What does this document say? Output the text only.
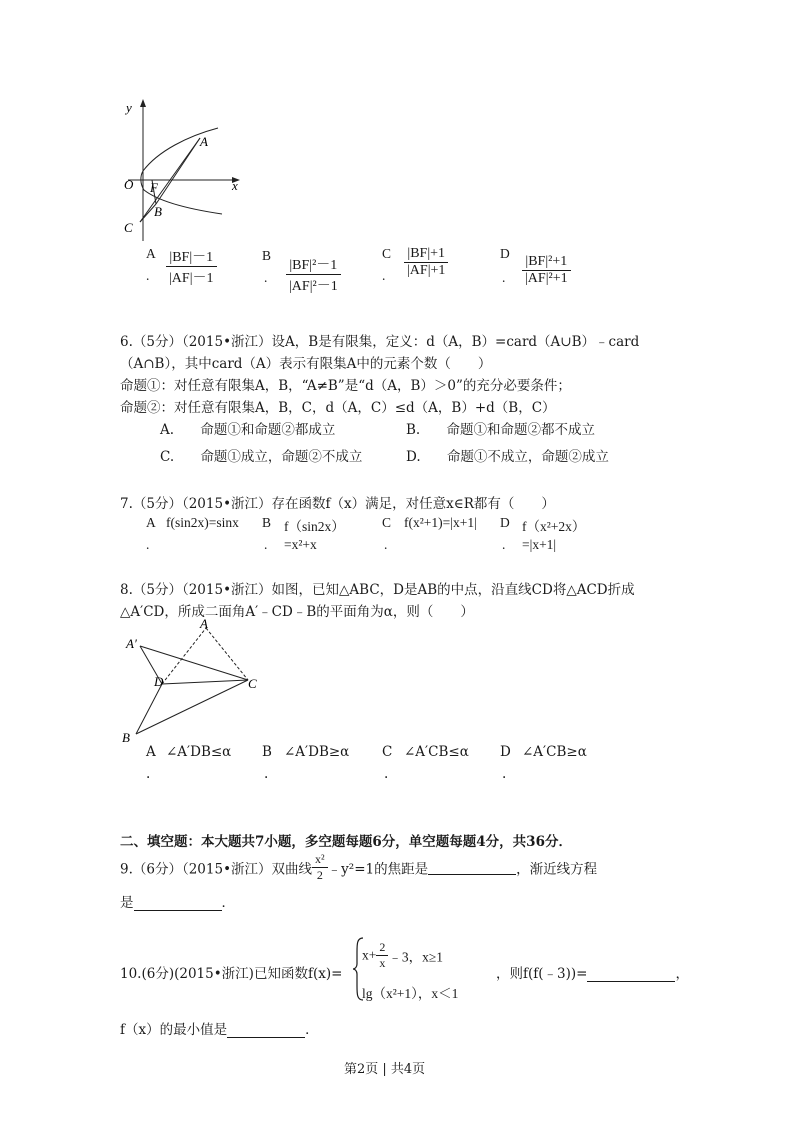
y
x
O F
A
B
C
A
. $\frac{|BF|-1}{|AF|-1}$	B
. $\frac{\text{|BF|²－1}}{\text{|AF|²－1}}$
C
. $\frac{|BF|+1}{|AF|+1}$	D
. $\frac{\text{|BF|²+1}}{\text{|AF|²+1}}$
6.（5分）（2015•浙江）设A，B是有限集，定义：d（A，B）=card（A∪B）﹣card
（A∩B），其中card（A）表示有限集A中的元素个数（　　）
命题①：对任意有限集A，B，“A≠B”是“d（A，B）＞0”的充分必要条件；
命题②：对任意有限集A，B，C，d（A，C）≤d（A，B）+d（B，C）
A. 命题①和命题②都成立	B. 命题①和命题②都不成立
C. 命题①成立，命题②不成立	D. 命题①不成立，命题②成立
7.（5分）（2015•浙江）存在函数f（x）满足，对任意x∈R都有（　　）
A
.
f(sin2x)=sinx B
.
f（sin2x）
=x²+x
C
.
f(x²+1)=|x+1| D
.
f（x²+2x）
=|x+1|
8.（5分）（2015•浙江）如图，已知△ABC，D是AB的中点，沿直线CD将△ACD折成
△A′CD，所成二面角A′﹣CD﹣B的平面角为α，则（　　）
A
A′
D	C
B
A
.
∠A′DB≤α B
.
∠A′DB≥α C
.
∠A′CB≤α D
.
∠A′CB≥α
二、填空题：本大题共7小题，多空题每题6分，单空题每题4分，共36分．
9.（6分）（2015•浙江）双曲线 $\frac{\text{x²}}{2}$ ﹣y²=1的焦距是	，渐近线方程
是	．
10.(6分)(2015•浙江)已知函数f(x)=
$x+ \frac{2}{x}$ ﹣3，x≥1
lg（x²+1），x＜1
，则f(f(﹣3))=	，
f（x）的最小值是	．
第2页 | 共4页
